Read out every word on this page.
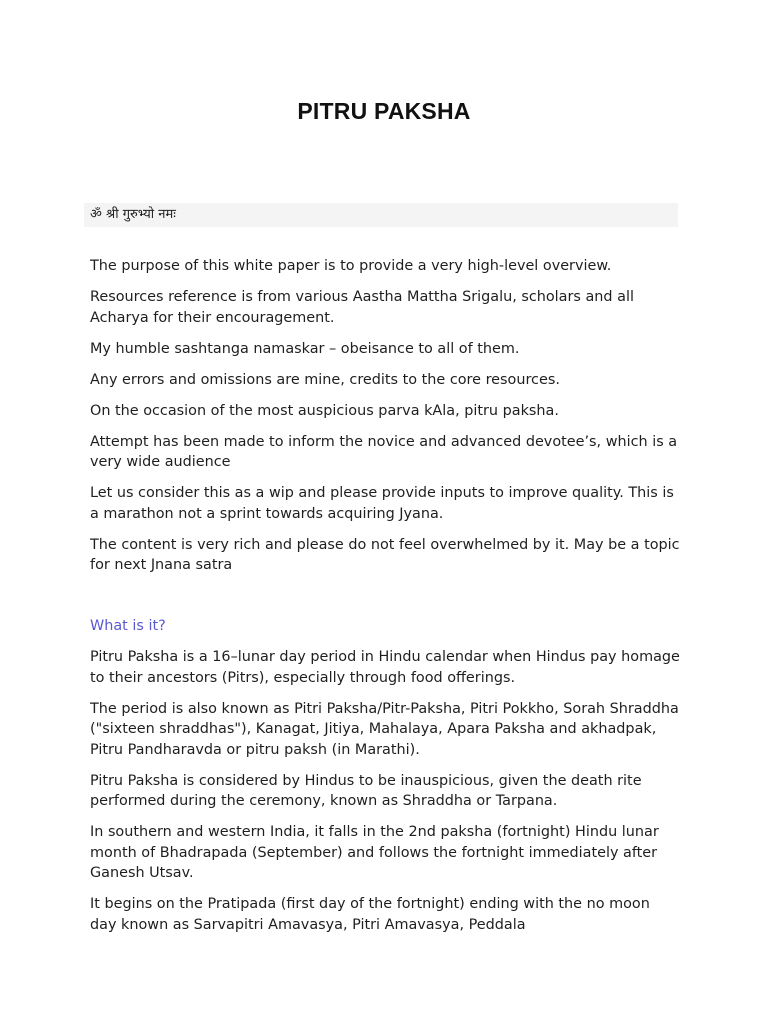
PITRU PAKSHA
ॐ श्री गुरुभ्यो नमः

The purpose of this white paper is to provide a very high-level overview.

Resources reference is from various Aastha Mattha Srigalu, scholars and all Acharya for their encouragement.

My humble sashtanga namaskar – obeisance to all of them.

Any errors and omissions are mine, credits to the core resources.

On the occasion of the most auspicious parva kAla, pitru paksha.

Attempt has been made to inform the novice and advanced devotee’s, which is a very wide audience

Let us consider this as a wip and please provide inputs to improve quality. This is a marathon not a sprint towards acquiring Jyana.

The content is very rich and please do not feel overwhelmed by it. May be a topic for next Jnana satra

What is it?

Pitru Paksha is a 16–lunar day period in Hindu calendar when Hindus pay homage to their ancestors (Pitrs), especially through food offerings.

The period is also known as Pitri Paksha/Pitr-Paksha, Pitri Pokkho, Sorah Shraddha ("sixteen shraddhas"), Kanagat, Jitiya, Mahalaya, Apara Paksha and akhadpak, Pitru Pandharavda or pitru paksh (in Marathi).

Pitru Paksha is considered by Hindus to be inauspicious, given the death rite performed during the ceremony, known as Shraddha or Tarpana.

In southern and western India, it falls in the 2nd paksha (fortnight) Hindu lunar month of Bhadrapada (September) and follows the fortnight immediately after Ganesh Utsav.

It begins on the Pratipada (first day of the fortnight) ending with the no moon day known as Sarvapitri Amavasya, Pitri Amavasya, Peddala
